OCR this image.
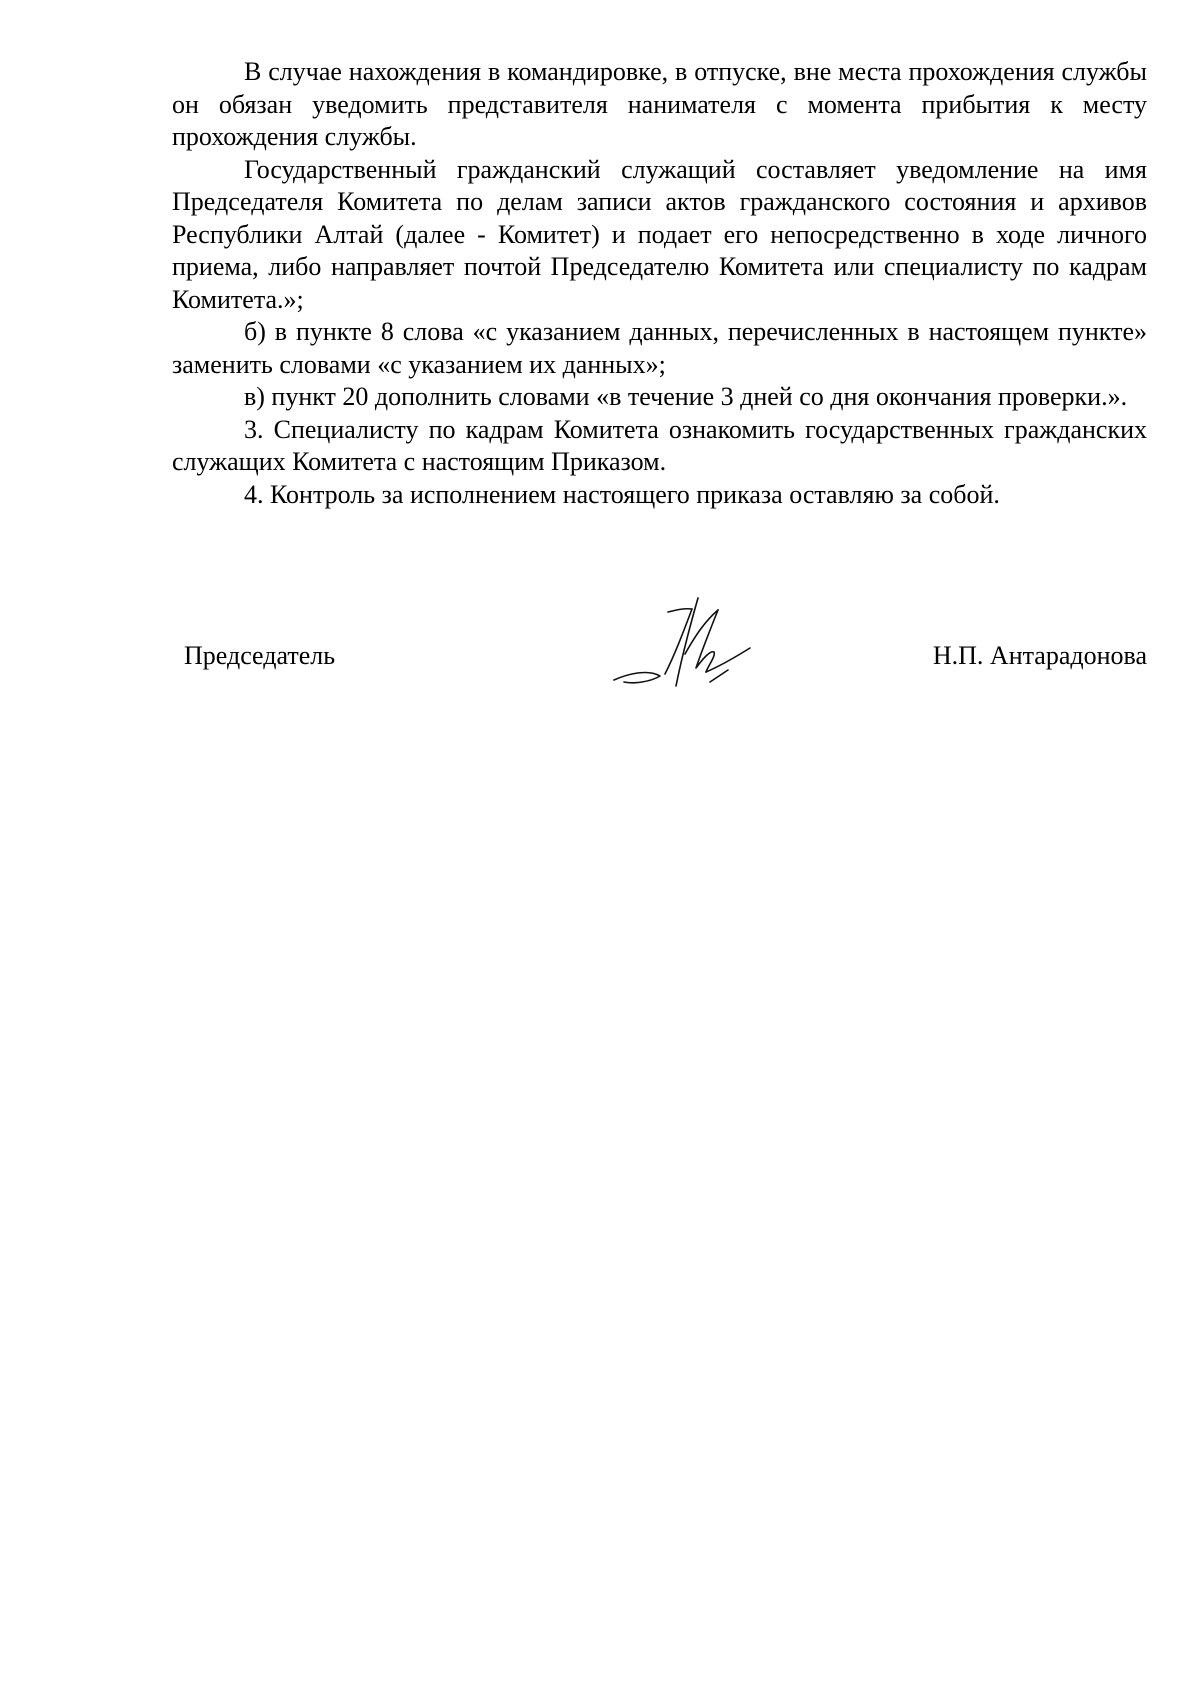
В случае нахождения в командировке, в отпуске, вне места прохождения службы он обязан уведомить представителя нанимателя с момента прибытия к месту прохождения службы.

Государственный гражданский служащий составляет уведомление на имя Председателя Комитета по делам записи актов гражданского состояния и архивов Республики Алтай (далее - Комитет) и подает его непосредственно в ходе личного приема, либо направляет почтой Председателю Комитета или специалисту по кадрам Комитета.»;

б) в пункте 8 слова «с указанием данных, перечисленных в настоящем пункте» заменить словами «с указанием их данных»;

в) пункт 20 дополнить словами «в течение 3 дней со дня окончания проверки.».

3. Специалисту по кадрам Комитета ознакомить государственных гражданских служащих Комитета с настоящим Приказом.

4. Контроль за исполнением настоящего приказа оставляю за собой.

Председатель	Н.П. Антарадонова
